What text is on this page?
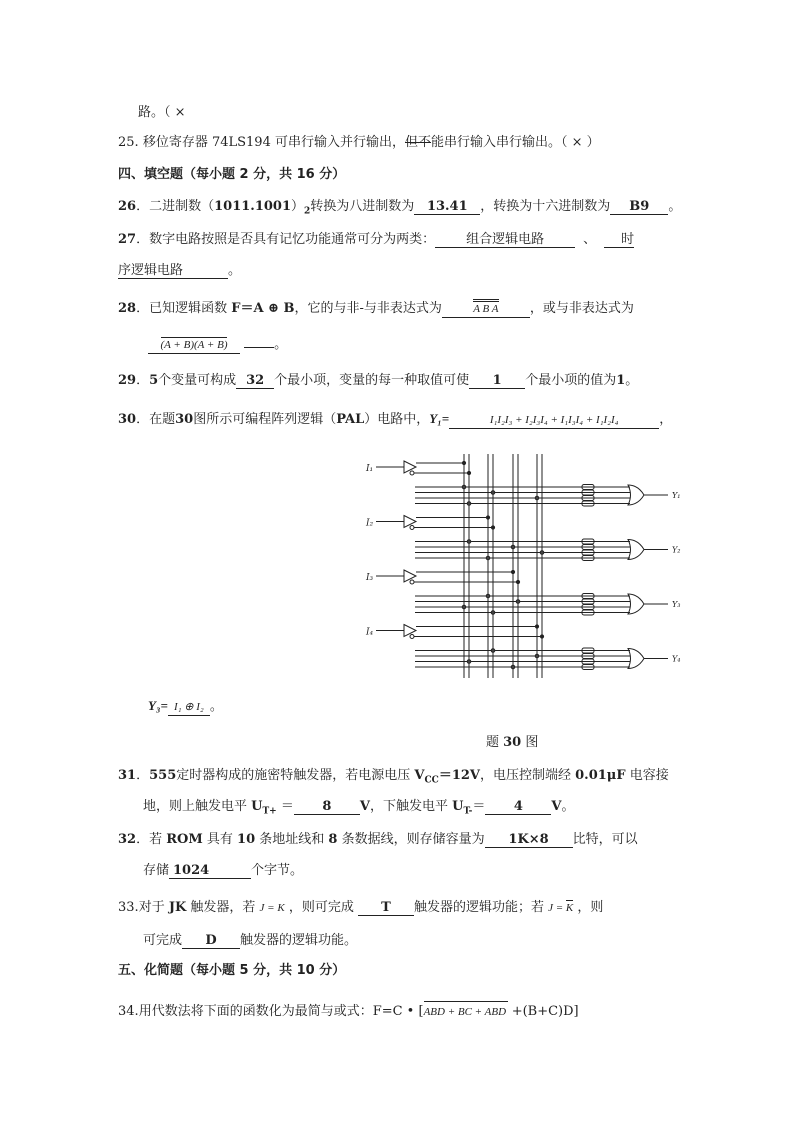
路。（ ×
25. 移位寄存器 74LS194 可串行输入并行输出，但不能串行输入串行输出。（ × ）
四、填空题（每小题 2 分，共 16 分）
26．二进制数$(1011.1001)_2$转换为八进制数为 13.41 ，转换为十六进制数为 B9 。
27．数字电路按照是否具有记忆功能通常可分为两类： 组合逻辑电路	、 时
序逻辑电路	。
28．已知逻辑函数 F＝A ⊕ B，它的与非-与非表达式为	A B A ，或与非表达式为
(A + B)(A + B)	。
29．5个变量可构成 32 个最小项，变量的每一种取值可使 1 个最小项的值为1。
30．在题30图所示可编程阵列逻辑（PAL）电路中，Y₁=	I₁I₂I₃ + I₂I₃I₄ + I₁I₃I₄ + I₁I₂I₄	，
I₁
Y₁
I₂
Y₂
I₃
Y₃
I₄
Y₄
Y₃= I₁ ⊕ I₂ 。
题 30 图
31．555定时器构成的施密特触发器，若电源电压 $V_{CC}=12V$，电压控制端经 0.01μF 电容接
地，则上触发电平 $U_{T+} = 8$ V，下触发电平 $U_{T-}= 4$ V。
32．若 ROM 具有 10 条地址线和 8 条数据线，则存储容量为 1K×8 比特，可以
存储 1024	个字节。
33.对于 JK 触发器，若 J = K ，则可完成 T 触发器的逻辑功能；若 J = K ，则
可完成 D 触发器的逻辑功能。
五、化简题（每小题 5 分，共 10 分）
34.用代数法将下面的函数化为最简与或式：F=C • [ABD + BC + ABD +(B+C)D]
